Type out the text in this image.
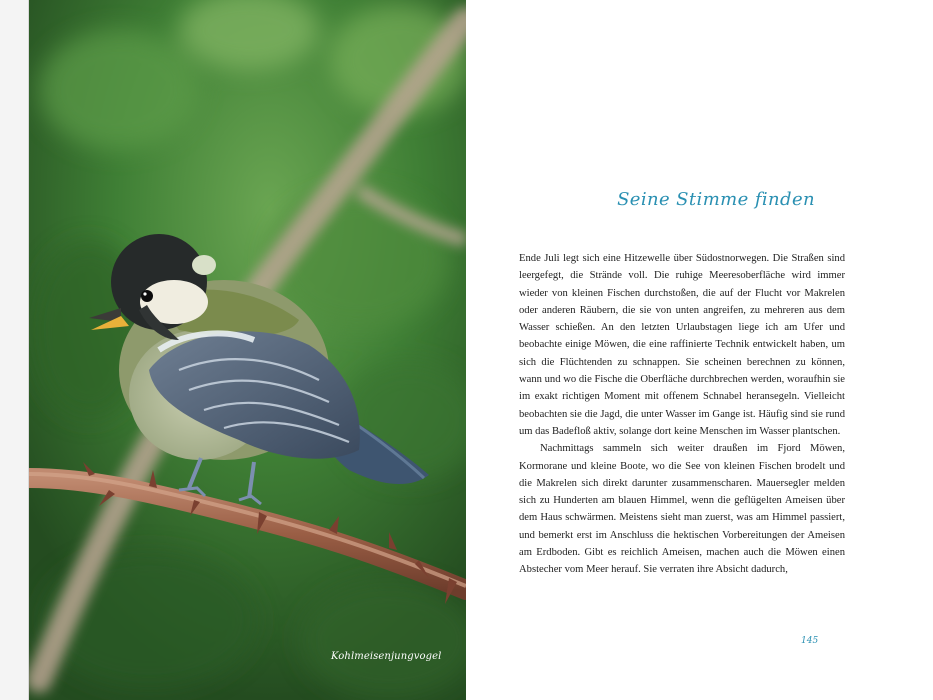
Kohlmeisenjungvogel
Seine Stimme finden

Ende Juli legt sich eine Hitzewelle über Südostnorwegen. Die Straßen sind leergefegt, die Strände voll. Die ruhige Meeresoberfläche wird immer wieder von kleinen Fischen durchstoßen, die auf der Flucht vor Makrelen oder anderen Räubern, die sie von unten angreifen, zu mehreren aus dem Wasser schießen. An den letzten Urlaubstagen liege ich am Ufer und beobachte einige Möwen, die eine raffinierte Technik entwickelt haben, um sich die Flüchtenden zu schnappen. Sie scheinen berechnen zu können, wann und wo die Fische die Oberfläche durchbrechen werden, woraufhin sie im exakt richtigen Moment mit offenem Schnabel heransegeln. Vielleicht beobachten sie die Jagd, die unter Wasser im Gange ist. Häufig sind sie rund um das Badefloß aktiv, solange dort keine Menschen im Wasser plantschen.

Nachmittags sammeln sich weiter draußen im Fjord Möwen, Kormorane und kleine Boote, wo die See von kleinen Fischen brodelt und die Makrelen sich direkt darunter zusammenscharen. Mauersegler melden sich zu Hunderten am blauen Himmel, wenn die geflügelten Ameisen über dem Haus schwärmen. Meistens sieht man zuerst, was am Himmel passiert, und bemerkt erst im Anschluss die hektischen Vorbereitungen der Ameisen am Erdboden. Gibt es reichlich Ameisen, machen auch die Möwen einen Abstecher vom Meer herauf. Sie verraten ihre Absicht dadurch,

145
